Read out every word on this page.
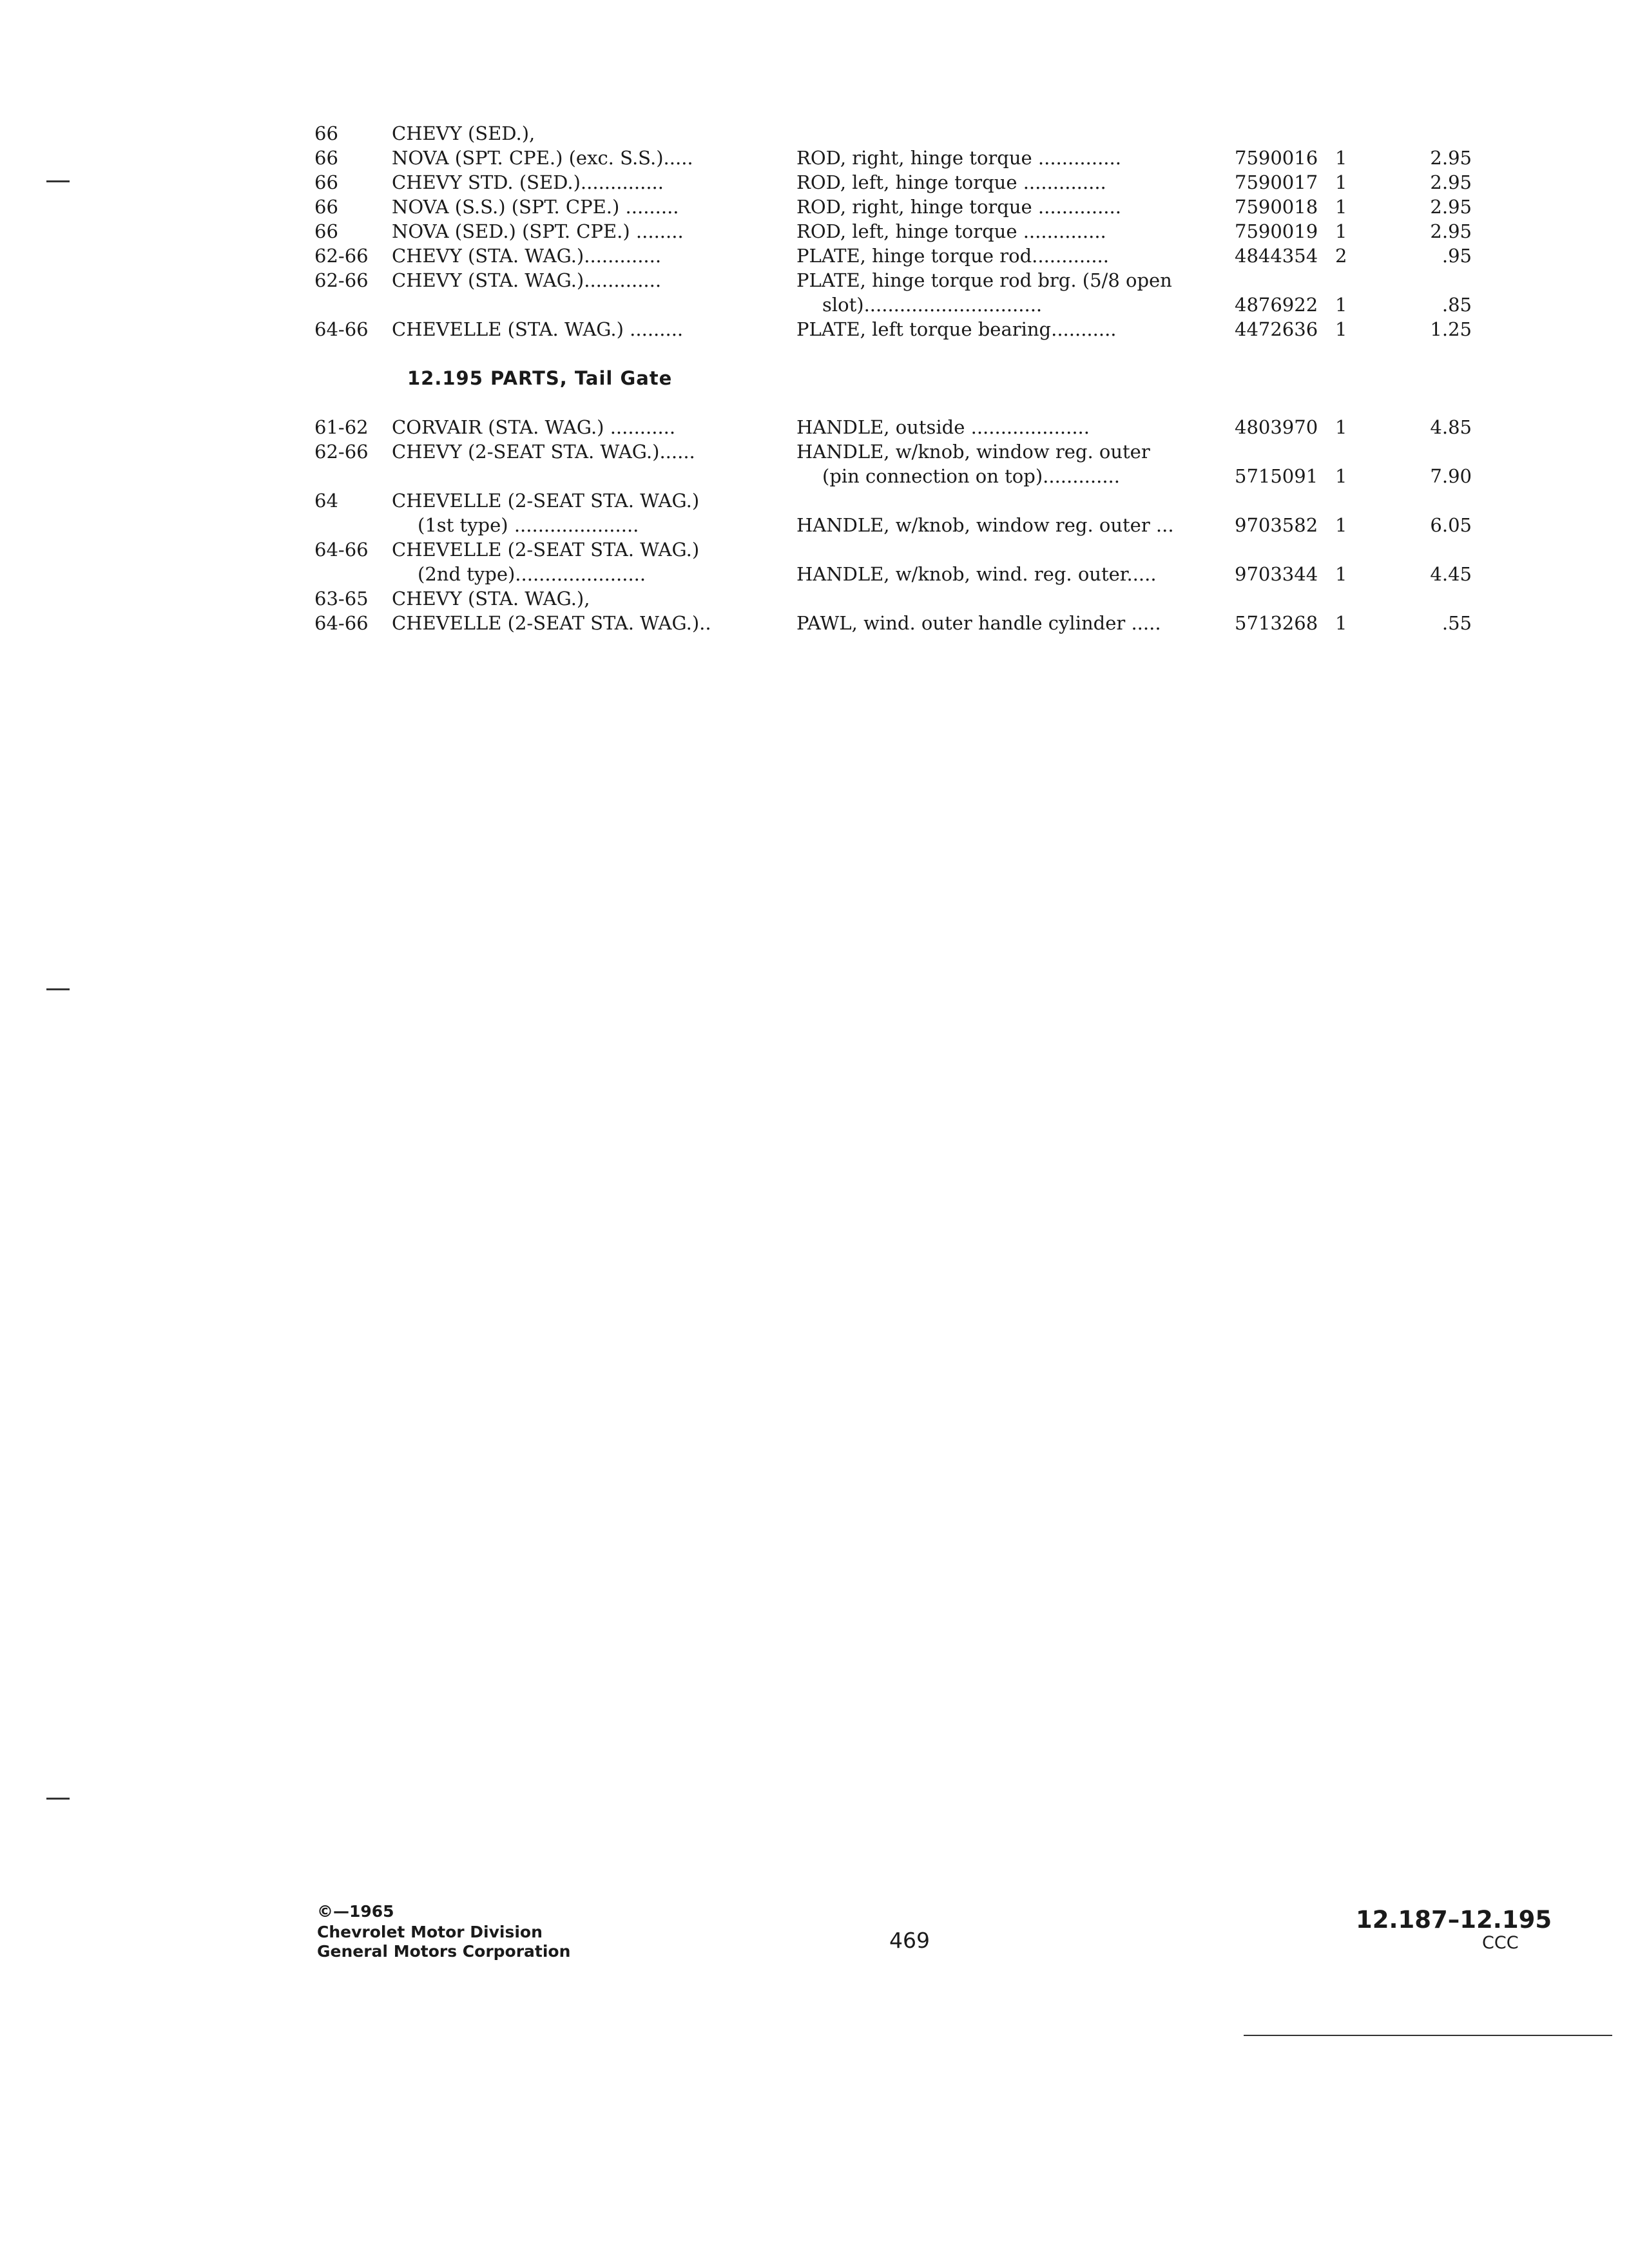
66	CHEVY (SED.),
66	NOVA (SPT. CPE.) (exc. S.S.).....	ROD, right, hinge torque ..............	7590016 1	2.95
66	CHEVY STD. (SED.)..............	ROD, left, hinge torque ..............	7590017 1	2.95
66	NOVA (S.S.) (SPT. CPE.) .........	ROD, right, hinge torque ..............	7590018 1	2.95
66	NOVA (SED.) (SPT. CPE.) ........	ROD, left, hinge torque ..............	7590019 1	2.95
62-66	CHEVY (STA. WAG.).............	PLATE, hinge torque rod.............	4844354 2	.95
62-66	CHEVY (STA. WAG.).............	PLATE, hinge torque rod brg. (5/8 open
slot)..............................	4876922 1	.85
64-66	CHEVELLE (STA. WAG.) .........	PLATE, left torque bearing...........	4472636 1	1.25
12.195 PARTS, Tail Gate
61-62	CORVAIR (STA. WAG.) ...........	HANDLE, outside ....................	4803970 1	4.85
62-66	CHEVY (2-SEAT STA. WAG.)......	HANDLE, w/knob, window reg. outer
(pin connection on top).............	5715091 1	7.90
64	CHEVELLE (2-SEAT STA. WAG.)
(1st type) .....................	HANDLE, w/knob, window reg. outer ...	9703582 1	6.05
64-66	CHEVELLE (2-SEAT STA. WAG.)
(2nd type)......................	HANDLE, w/knob, wind. reg. outer.....	9703344 1	4.45
63-65	CHEVY (STA. WAG.),
64-66	CHEVELLE (2-SEAT STA. WAG.)..	PAWL, wind. outer handle cylinder .....	5713268 1	.55
©—1965
Chevrolet Motor Division
General Motors Corporation	469
12.187–12.195
CCC
